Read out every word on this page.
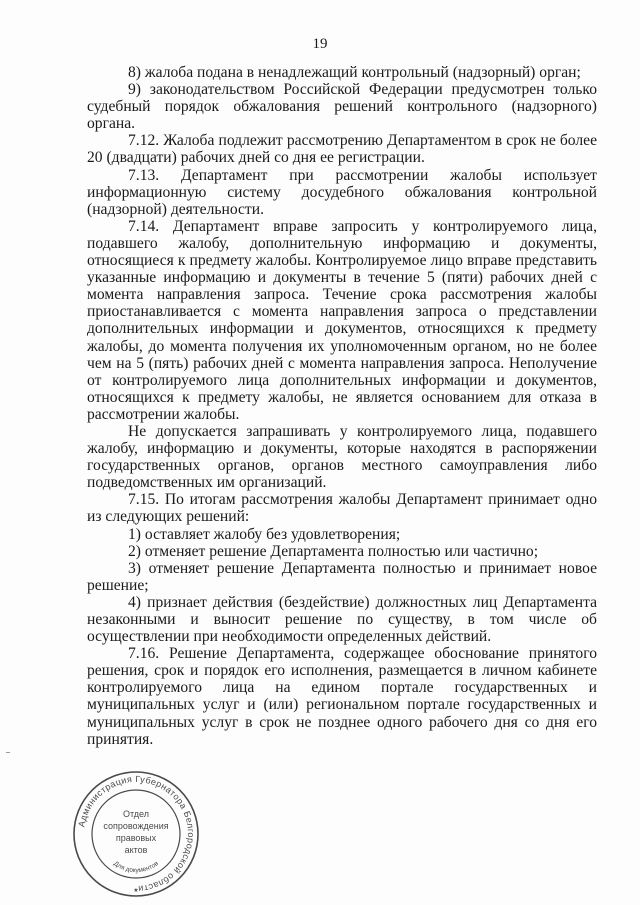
19

8) жалоба подана в ненадлежащий контрольный (надзорный) орган;

9) законодательством Российской Федерации предусмотрен только судебный порядок обжалования решений контрольного (надзорного) органа.

7.12. Жалоба подлежит рассмотрению Департаментом в срок не более 20 (двадцати) рабочих дней со дня ее регистрации.

7.13. Департамент при рассмотрении жалобы использует информационную систему досудебного обжалования контрольной (надзорной) деятельности.

7.14. Департамент вправе запросить у контролируемого лица, подавшего жалобу, дополнительную информацию и документы, относящиеся к предмету жалобы. Контролируемое лицо вправе представить указанные информацию и документы в течение 5 (пяти) рабочих дней с момента направления запроса. Течение срока рассмотрения жалобы приостанавливается с момента направления запроса о представлении дополнительных информации и документов, относящихся к предмету жалобы, до момента получения их уполномоченным органом, но не более чем на 5 (пять) рабочих дней с момента направления запроса. Неполучение от контролируемого лица дополнительных информации и документов, относящихся к предмету жалобы, не является основанием для отказа в рассмотрении жалобы.

Не допускается запрашивать у контролируемого лица, подавшего жалобу, информацию и документы, которые находятся в распоряжении государственных органов, органов местного самоуправления либо подведомственных им организаций.

7.15. По итогам рассмотрения жалобы Департамент принимает одно из следующих решений:

1) оставляет жалобу без удовлетворения;

2) отменяет решение Департамента полностью или частично;

3) отменяет решение Департамента полностью и принимает новое решение;

4) признает действия (бездействие) должностных лиц Департамента незаконными и выносит решение по существу, в том числе об осуществлении при необходимости определенных действий.

7.16. Решение Департамента, содержащее обоснование принятого решения, срок и порядок его исполнения, размещается в личном кабинете контролируемого лица на едином портале государственных и муниципальных услуг и (или) региональном портале государственных и муниципальных услуг в срок не позднее одного рабочего дня со дня его принятия.

Администрация Губернатора Белгородской области
Для документов
Отдел
сопровождения
правовых
актов
★
